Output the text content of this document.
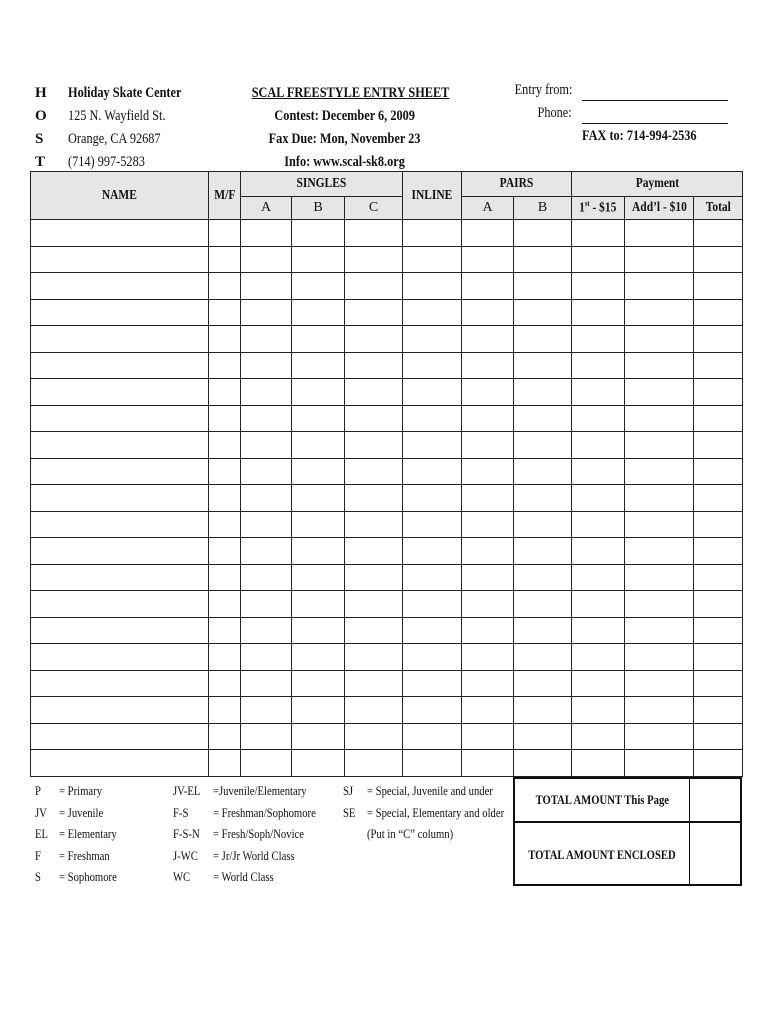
H
O
S
T
Holiday Skate Center
125 N. Wayfield St.
Orange, CA 92687
(714) 997-5283
SCAL FREESTYLE ENTRY SHEET
Contest: December 6, 2009
Fax Due: Mon, November 23
Info: www.scal-sk8.org
Entry from:
Phone:
FAX to: 714-994-2536
NAME	M/F	SINGLES			INLINE	PAIRS		Payment		
		A	B	C		A	B	1st - $15	Add’l - $10	Total

P	= Primary
JV = Juvenile
EL = Elementary
F	= Freshman
S	= Sophomore
JV-EL =Juvenile/Elementary
F-S	= Freshman/Sophomore
F-S-N	= Fresh/Soph/Novice
J-WC	= Jr/Jr World Class
WC	= World Class
SJ	= Special, Juvenile and under
SE = Special, Elementary and older
(Put in “C” column)
TOTAL AMOUNT This Page
TOTAL AMOUNT ENCLOSED
